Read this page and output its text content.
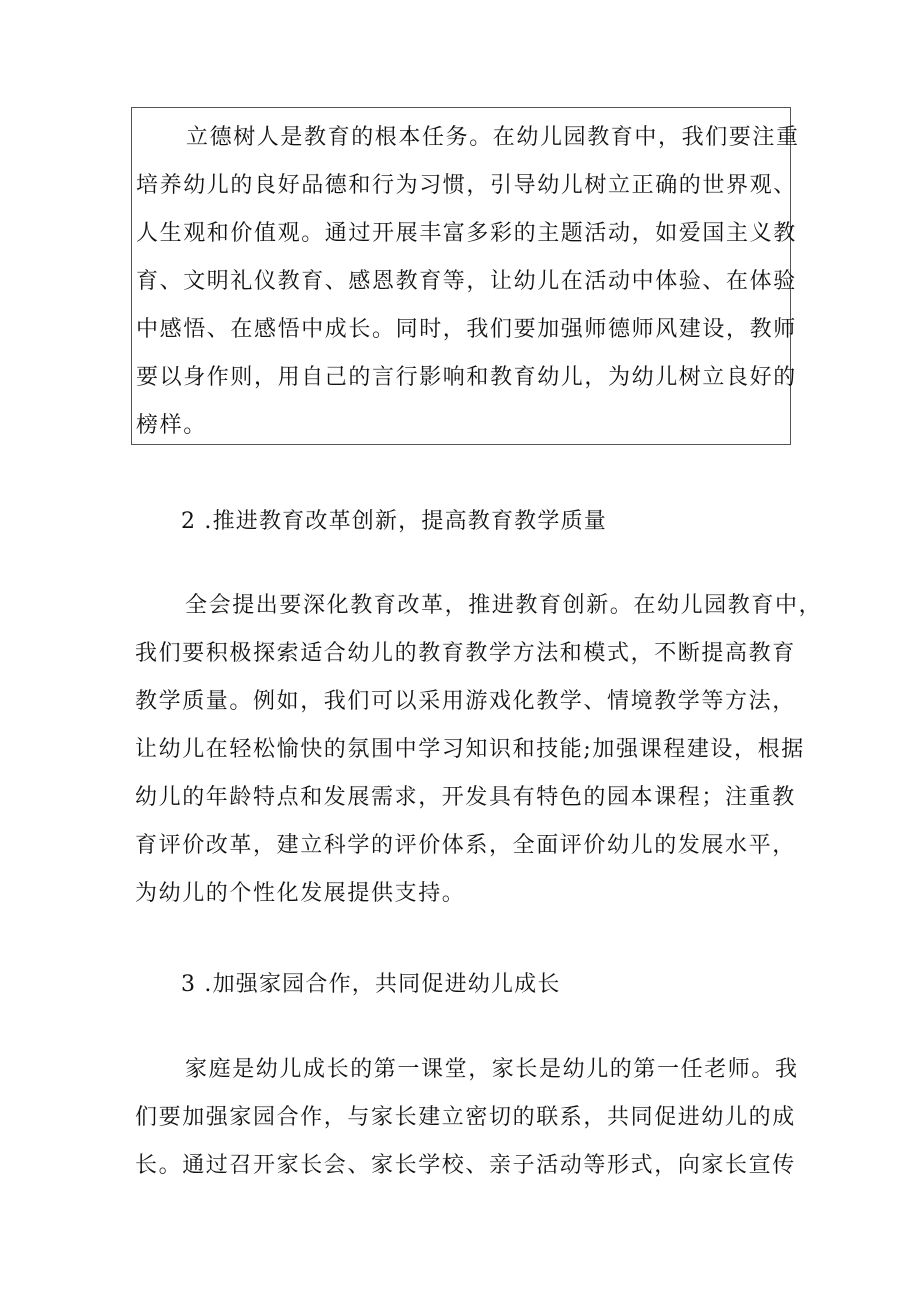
立德树人是教育的根本任务。在幼儿园教育中，我们要注重
培养幼儿的良好品德和行为习惯，引导幼儿树立正确的世界观、
人生观和价值观。通过开展丰富多彩的主题活动，如爱国主义教
育、文明礼仪教育、感恩教育等，让幼儿在活动中体验、在体验
中感悟、在感悟中成长。同时，我们要加强师德师风建设，教师
要以身作则，用自己的言行影响和教育幼儿，为幼儿树立良好的
榜样。
2 .推进教育改革创新，提高教育教学质量
全会提出要深化教育改革，推进教育创新。在幼儿园教育中，
我们要积极探索适合幼儿的教育教学方法和模式，不断提高教育
教学质量。例如，我们可以采用游戏化教学、情境教学等方法，
让幼儿在轻松愉快的氛围中学习知识和技能;加强课程建设，根据
幼儿的年龄特点和发展需求，开发具有特色的园本课程；注重教
育评价改革，建立科学的评价体系，全面评价幼儿的发展水平，
为幼儿的个性化发展提供支持。
3 .加强家园合作，共同促进幼儿成长
家庭是幼儿成长的第一课堂，家长是幼儿的第一任老师。我
们要加强家园合作，与家长建立密切的联系，共同促进幼儿的成
长。通过召开家长会、家长学校、亲子活动等形式，向家长宣传
